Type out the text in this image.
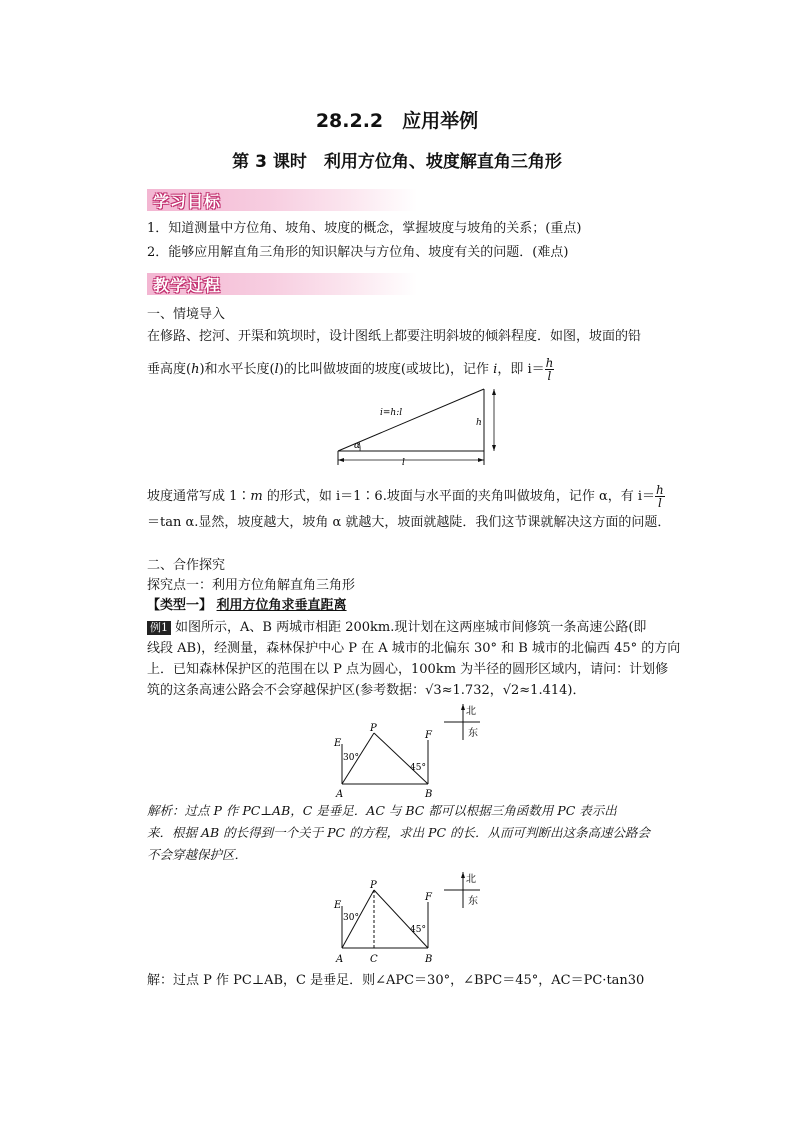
28.2.2　应用举例
第 3 课时　利用方位角、坡度解直角三角形
学习目标
1．知道测量中方位角、坡角、坡度的概念，掌握坡度与坡角的关系；(重点)
2．能够应用解直角三角形的知识解决与方位角、坡度有关的问题．(难点)
教学过程
一、情境导入
在修路、挖河、开渠和筑坝时，设计图纸上都要注明斜坡的倾斜程度．如图，坡面的铅
垂高度(h)和水平长度(l)的比叫做坡面的坡度(或坡比)，记作 i，即 $i= \frac{h}{l}$
i=h:l
h
l
α
坡度通常写成 1∶m 的形式，如 i＝1∶6.坡面与水平面的夹角叫做坡角，记作 α，有 $i= \frac{h}{l}$
＝tan α.显然，坡度越大，坡角 α 就越大，坡面就越陡．我们这节课就解决这方面的问题．
二、合作探究
探究点一：利用方位角解直角三角形
【类型一】 利用方位角求垂直距离
例1 如图所示，A、B 两城市相距 200km.现计划在这两座城市间修筑一条高速公路(即
线段 AB)，经测量，森林保护中心 P 在 A 城市的北偏东 30° 和 B 城市的北偏西 45° 的方向
上．已知森林保护区的范围在以 P 点为圆心，100km 为半径的圆形区域内，请问：计划修
筑的这条高速公路会不会穿越保护区(参考数据：√3≈1.732，√2≈1.414)．
E
P
F
A	B
30°
45°
北
东
解析：过点 P 作 PC⊥AB，C 是垂足．AC 与 BC 都可以根据三角函数用 PC 表示出
来．根据 AB 的长得到一个关于 PC 的方程，求出 PC 的长．从而可判断出这条高速公路会
不会穿越保护区．
E
P
F
A	C	B
30°
45°
北
东
解：过点 P 作 PC⊥AB，C 是垂足．则∠APC＝30°，∠BPC＝45°，AC＝PC·tan30
